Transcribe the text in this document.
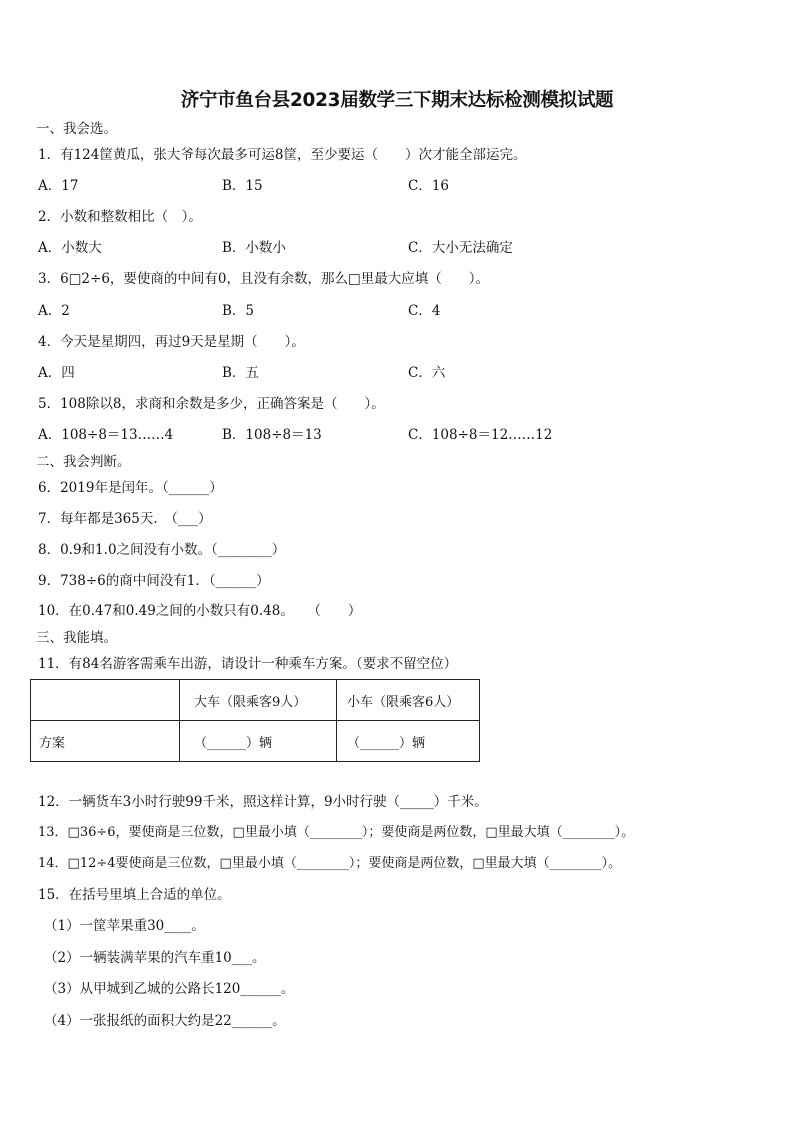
济宁市鱼台县2023届数学三下期末达标检测模拟试题
一、我会选。
1．有124筐黄瓜，张大爷每次最多可运8筐，至少要运（　　）次才能全部运完。
A．17	B．15	C．16
2．小数和整数相比（　）。
A．小数大	B．小数小	C．大小无法确定
3．6□2÷6，要使商的中间有0，且没有余数，那么□里最大应填（　　）。
A．2	B．5	C．4
4．今天是星期四，再过9天是星期（　　）。
A．四	B．五	C．六
5．108除以8，求商和余数是多少，正确答案是（　　）。
A．108÷8＝13……4	B．108÷8＝13	C．108÷8＝12……12
二、我会判断。
6．2019年是闰年。（______）
7．每年都是365天.　（___）
8．0.9和1.0之间没有小数。（________）
9．738÷6的商中间没有1．（______）
10．在0.47和0.49之间的小数只有0.48。　　（　　）
三、我能填。
11．有84名游客需乘车出游，请设计一种乘车方案。（要求不留空位）
	大车（限乘客9人）	小车（限乘客6人）
方案	（______）辆	（______）辆
12．一辆货车3小时行驶99千米，照这样计算，9小时行驶（_____）千米。
13．□36÷6，要使商是三位数，□里最小填（________）；要使商是两位数，□里最大填（________）。
14．□12÷4要使商是三位数，□里最小填（________）；要使商是两位数，□里最大填（________）。
15．在括号里填上合适的单位。
（1）一筐苹果重30____。
（2）一辆装满苹果的汽车重10___。
（3）从甲城到乙城的公路长120______。
（4）一张报纸的面积大约是22______。
